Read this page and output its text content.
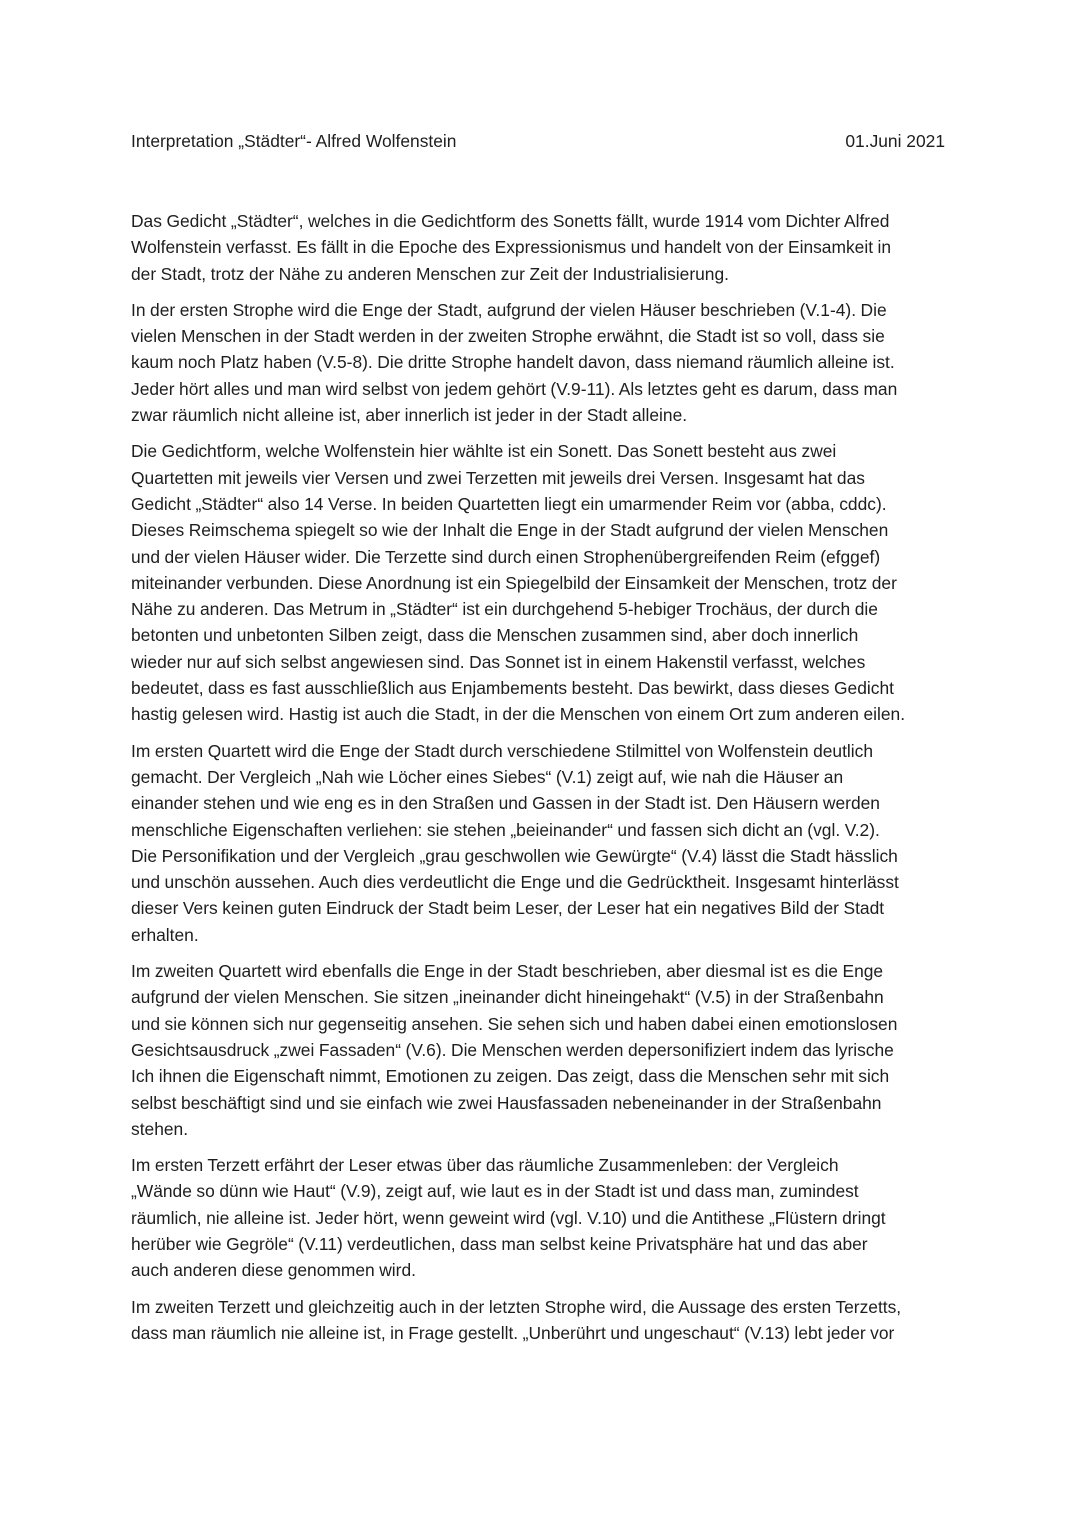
Interpretation „Städter“- Alfred Wolfenstein	01.Juni 2021

Das Gedicht „Städter“, welches in die Gedichtform des Sonetts fällt, wurde 1914 vom Dichter Alfred
Wolfenstein verfasst. Es fällt in die Epoche des Expressionismus und handelt von der Einsamkeit in
der Stadt, trotz der Nähe zu anderen Menschen zur Zeit der Industrialisierung.

In der ersten Strophe wird die Enge der Stadt, aufgrund der vielen Häuser beschrieben (V.1-4). Die
vielen Menschen in der Stadt werden in der zweiten Strophe erwähnt, die Stadt ist so voll, dass sie
kaum noch Platz haben (V.5-8). Die dritte Strophe handelt davon, dass niemand räumlich alleine ist.
Jeder hört alles und man wird selbst von jedem gehört (V.9-11). Als letztes geht es darum, dass man
zwar räumlich nicht alleine ist, aber innerlich ist jeder in der Stadt alleine.

Die Gedichtform, welche Wolfenstein hier wählte ist ein Sonett. Das Sonett besteht aus zwei
Quartetten mit jeweils vier Versen und zwei Terzetten mit jeweils drei Versen. Insgesamt hat das
Gedicht „Städter“ also 14 Verse. In beiden Quartetten liegt ein umarmender Reim vor (abba, cddc).
Dieses Reimschema spiegelt so wie der Inhalt die Enge in der Stadt aufgrund der vielen Menschen
und der vielen Häuser wider. Die Terzette sind durch einen Strophenübergreifenden Reim (efggef)
miteinander verbunden. Diese Anordnung ist ein Spiegelbild der Einsamkeit der Menschen, trotz der
Nähe zu anderen. Das Metrum in „Städter“ ist ein durchgehend 5-hebiger Trochäus, der durch die
betonten und unbetonten Silben zeigt, dass die Menschen zusammen sind, aber doch innerlich
wieder nur auf sich selbst angewiesen sind. Das Sonnet ist in einem Hakenstil verfasst, welches
bedeutet, dass es fast ausschließlich aus Enjambements besteht. Das bewirkt, dass dieses Gedicht
hastig gelesen wird. Hastig ist auch die Stadt, in der die Menschen von einem Ort zum anderen eilen.

Im ersten Quartett wird die Enge der Stadt durch verschiedene Stilmittel von Wolfenstein deutlich
gemacht. Der Vergleich „Nah wie Löcher eines Siebes“ (V.1) zeigt auf, wie nah die Häuser an
einander stehen und wie eng es in den Straßen und Gassen in der Stadt ist. Den Häusern werden
menschliche Eigenschaften verliehen: sie stehen „beieinander“ und fassen sich dicht an (vgl. V.2).
Die Personifikation und der Vergleich „grau geschwollen wie Gewürgte“ (V.4) lässt die Stadt hässlich
und unschön aussehen. Auch dies verdeutlicht die Enge und die Gedrücktheit. Insgesamt hinterlässt
dieser Vers keinen guten Eindruck der Stadt beim Leser, der Leser hat ein negatives Bild der Stadt
erhalten.

Im zweiten Quartett wird ebenfalls die Enge in der Stadt beschrieben, aber diesmal ist es die Enge
aufgrund der vielen Menschen. Sie sitzen „ineinander dicht hineingehakt“ (V.5) in der Straßenbahn
und sie können sich nur gegenseitig ansehen. Sie sehen sich und haben dabei einen emotionslosen
Gesichtsausdruck „zwei Fassaden“ (V.6). Die Menschen werden depersonifiziert indem das lyrische
Ich ihnen die Eigenschaft nimmt, Emotionen zu zeigen. Das zeigt, dass die Menschen sehr mit sich
selbst beschäftigt sind und sie einfach wie zwei Hausfassaden nebeneinander in der Straßenbahn
stehen.

Im ersten Terzett erfährt der Leser etwas über das räumliche Zusammenleben: der Vergleich
„Wände so dünn wie Haut“ (V.9), zeigt auf, wie laut es in der Stadt ist und dass man, zumindest
räumlich, nie alleine ist. Jeder hört, wenn geweint wird (vgl. V.10) und die Antithese „Flüstern dringt
herüber wie Gegröle“ (V.11) verdeutlichen, dass man selbst keine Privatsphäre hat und das aber
auch anderen diese genommen wird.

Im zweiten Terzett und gleichzeitig auch in der letzten Strophe wird, die Aussage des ersten Terzetts,
dass man räumlich nie alleine ist, in Frage gestellt. „Unberührt und ungeschaut“ (V.13) lebt jeder vor
